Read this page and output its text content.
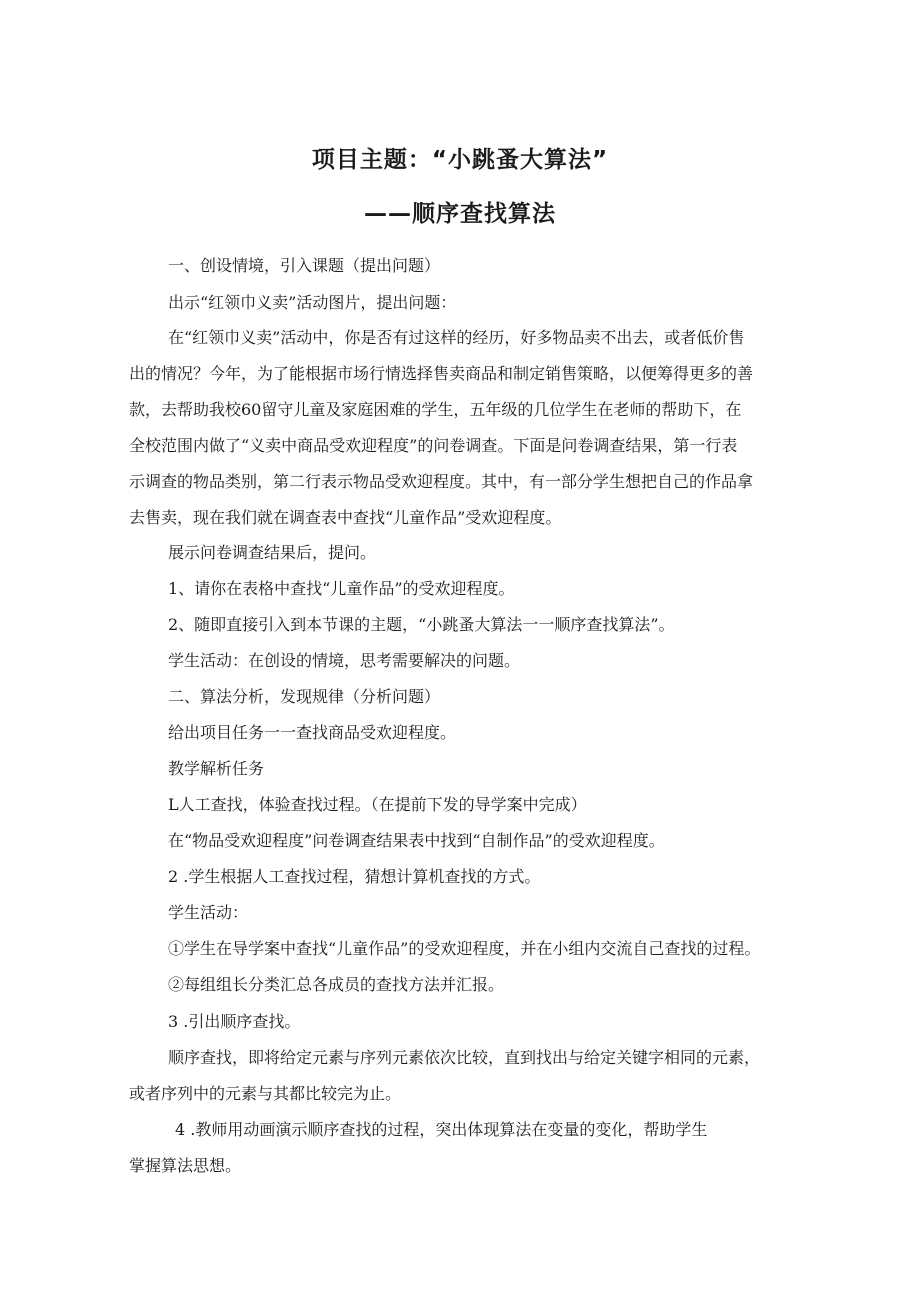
项目主题：“小跳蚤大算法”
——顺序查找算法
一、创设情境，引入课题（提出问题）
出示“红领巾义卖”活动图片，提出问题：
在“红领巾义卖”活动中，你是否有过这样的经历，好多物品卖不出去，或者低价售
出的情况？今年，为了能根据市场行情选择售卖商品和制定销售策略，以便筹得更多的善
款，去帮助我校60留守儿童及家庭困难的学生，五年级的几位学生在老师的帮助下，在
全校范围内做了“义卖中商品受欢迎程度”的问卷调查。下面是问卷调查结果，第一行表
示调查的物品类别，第二行表示物品受欢迎程度。其中，有一部分学生想把自己的作品拿
去售卖，现在我们就在调查表中查找“儿童作品”受欢迎程度。
展示问卷调查结果后，提问。
1、请你在表格中查找“儿童作品”的受欢迎程度。
2、随即直接引入到本节课的主题，“小跳蚤大算法一一顺序查找算法”。
学生活动：在创设的情境，思考需要解决的问题。
二、算法分析，发现规律（分析问题）
给出项目任务一一查找商品受欢迎程度。
教学解析任务
L人工查找，体验查找过程。（在提前下发的导学案中完成）
在“物品受欢迎程度”问卷调查结果表中找到“自制作品”的受欢迎程度。
2 .学生根据人工查找过程，猜想计算机查找的方式。
学生活动：
①学生在导学案中查找“儿童作品”的受欢迎程度，并在小组内交流自己查找的过程。
②每组组长分类汇总各成员的查找方法并汇报。
3 .引出顺序查找。
顺序查找，即将给定元素与序列元素依次比较，直到找出与给定关键字相同的元素，
或者序列中的元素与其都比较完为止。
4 .教师用动画演示顺序查找的过程，突出体现算法在变量的变化，帮助学生
掌握算法思想。
